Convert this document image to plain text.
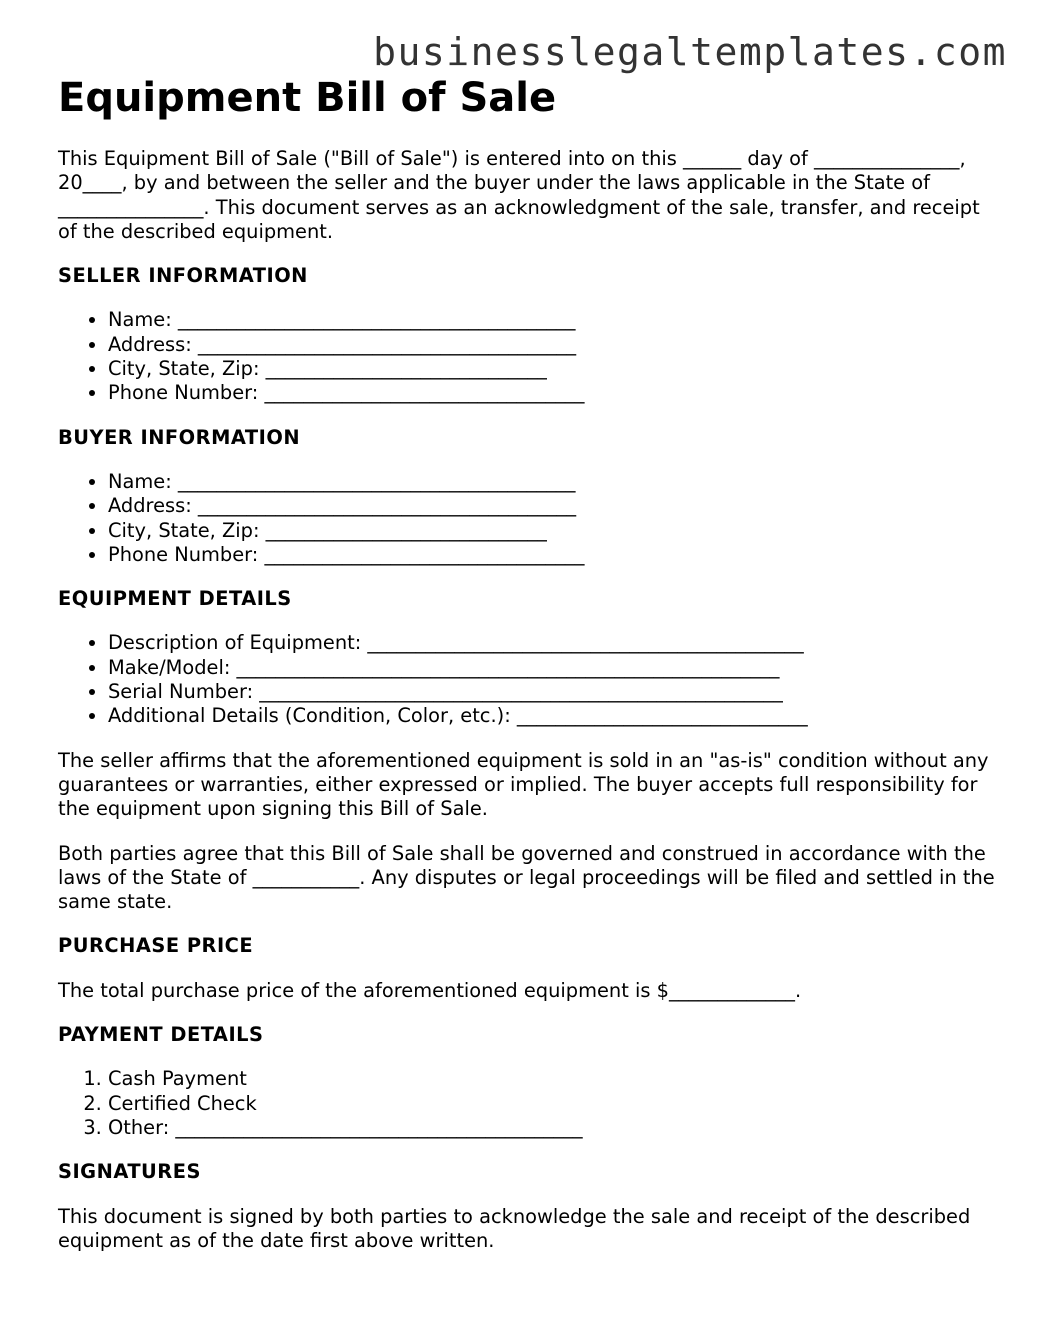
businesslegaltemplates.com
Equipment Bill of Sale

This Equipment Bill of Sale ("Bill of Sale") is entered into on this ______ day of _______________, 20____, by and between the seller and the buyer under the laws applicable in the State of _______________. This document serves as an acknowledgment of the sale, transfer, and receipt of the described equipment.

SELLER INFORMATION
• Name: _________________________________________
• Address: _______________________________________
• City, State, Zip: _____________________________
• Phone Number: _________________________________
BUYER INFORMATION
• Name: _________________________________________
• Address: _______________________________________
• City, State, Zip: _____________________________
• Phone Number: _________________________________
EQUIPMENT DETAILS
• Description of Equipment: _____________________________________________
• Make/Model: ________________________________________________________
• Serial Number: ______________________________________________________
• Additional Details (Condition, Color, etc.): ______________________________

The seller affirms that the aforementioned equipment is sold in an "as-is" condition without any guarantees or warranties, either expressed or implied. The buyer accepts full responsibility for the equipment upon signing this Bill of Sale.

Both parties agree that this Bill of Sale shall be governed and construed in accordance with the laws of the State of ___________. Any disputes or legal proceedings will be filed and settled in the same state.

PURCHASE PRICE

The total purchase price of the aforementioned equipment is $_____________.

PAYMENT DETAILS
1. Cash Payment
2. Certified Check
3. Other: __________________________________________
SIGNATURES

This document is signed by both parties to acknowledge the sale and receipt of the described equipment as of the date first above written.
